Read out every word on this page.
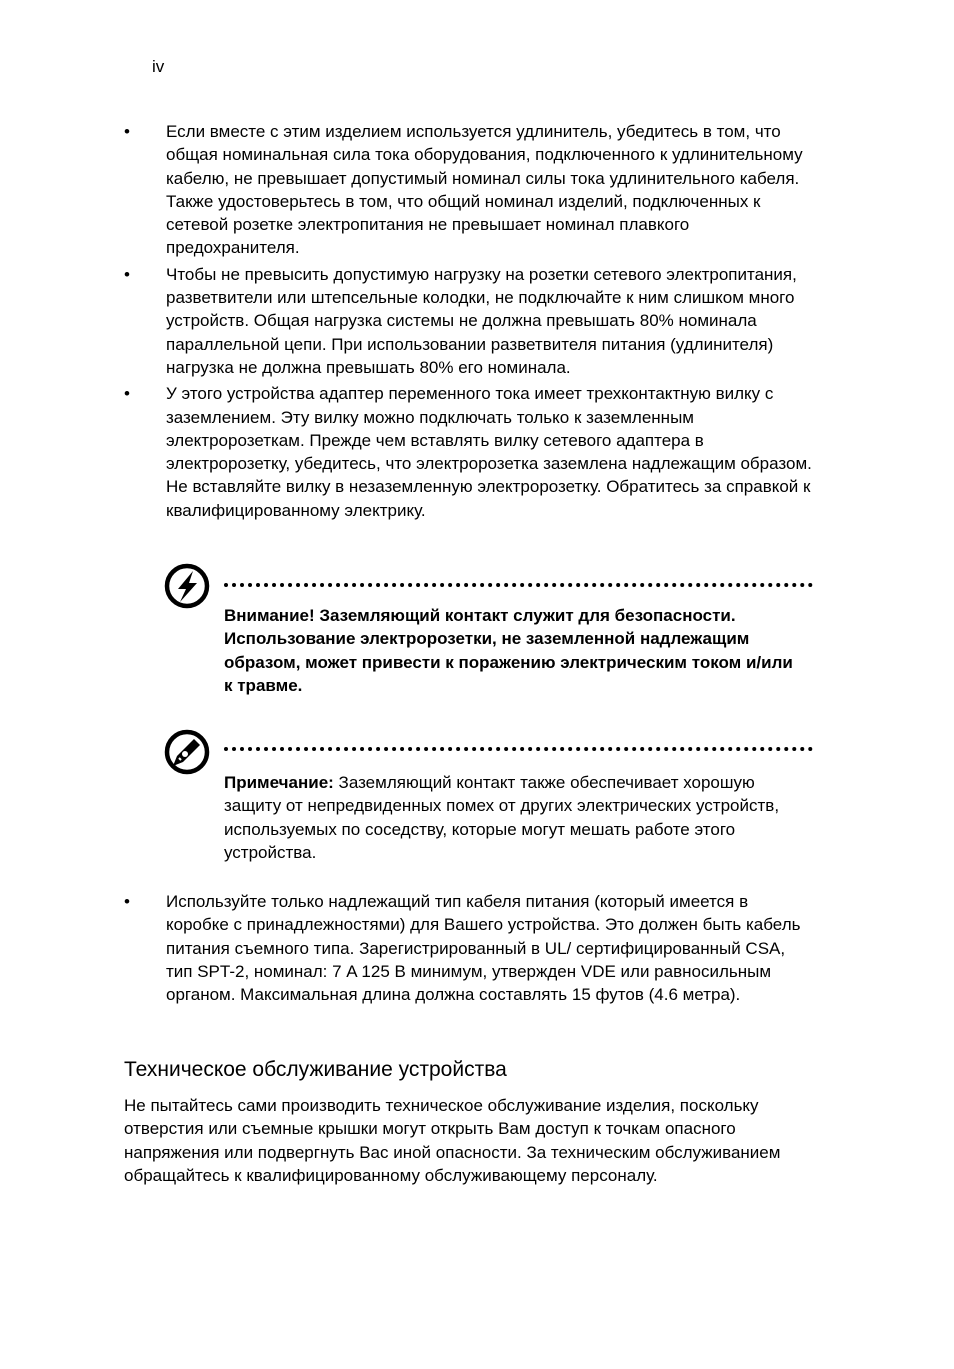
iv
• Если вместе с этим изделием используется удлинитель, убедитесь в том, что общая номинальная сила тока оборудования, подключенного к удлинительному кабелю, не превышает допустимый номинал силы тока удлинительного кабеля. Также удостоверьтесь в том, что общий номинал изделий, подключенных к сетевой розетке электропитания не превышает номинал плавкого предохранителя.
• Чтобы не превысить допустимую нагрузку на розетки сетевого электропитания, разветвители или штепсельные колодки, не подключайте к ним слишком много устройств. Общая нагрузка системы не должна превышать 80% номинала параллельной цепи. При использовании разветвителя питания (удлинителя) нагрузка не должна превышать 80% его номинала.
• У этого устройства адаптер переменного тока имеет трехконтактную вилку с заземлением. Эту вилку можно подключать только к заземленным электророзеткам. Прежде чем вставлять вилку сетевого адаптера в электророзетку, убедитесь, что электророзетка заземлена надлежащим образом. Не вставляйте вилку в незаземленную электророзетку. Обратитесь за справкой к квалифицированному электрику.
Внимание! Заземляющий контакт служит для безопасности. Использование электророзетки, не заземленной надлежащим образом, может привести к поражению электрическим током и/или к травме.
Примечание: Заземляющий контакт также обеспечивает хорошую защиту от непредвиденных помех от других электрических устройств, используемых по соседству, которые могут мешать работе этого устройства.
• Используйте только надлежащий тип кабеля питания (который имеется в коробке с принадлежностями) для Вашего устройства. Это должен быть кабель питания съемного типа. Зарегистрированный в UL/ сертифицированный CSA, тип SPT-2, номинал: 7 A 125 В минимум, утвержден VDE или равносильным органом. Максимальная длина должна составлять 15 футов (4.6 метра).
Техническое обслуживание устройства

Не пытайтесь сами производить техническое обслуживание изделия, поскольку отверстия или съемные крышки могут открыть Вам доступ к точкам опасного напряжения или подвергнуть Вас иной опасности. За техническим обслуживанием обращайтесь к квалифицированному обслуживающему персоналу.
